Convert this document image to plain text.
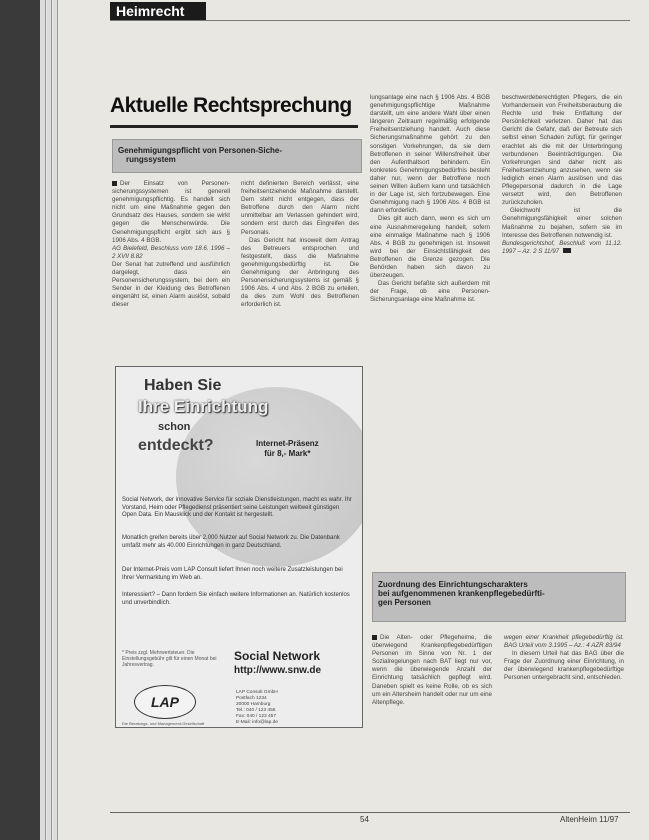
Heimrecht
Aktuelle Rechtsprechung
Genehmigungspflicht von Personen-Siche-
rungssystem

Der Einsatz von Personen-sicherungssystemen ist generell genehmigungspflichtig. Es handelt sich nicht um eine Maßnahme gegen den Grundsatz des Hauses, sondern sie wirkt gegen die Menschenwürde. Die Genehmigungspflicht ergibt sich aus § 1906 Abs. 4 BGB.

AG Bielefeld, Beschluss vom 18.6. 1996 – 2 XVII 8.82

Der Senat hat zutreffend und ausführlich dargelegt, dass ein Personensicherungssystem, bei dem ein Sender in der Kleidung des Betroffenen eingenäht ist, einen Alarm auslöst, sobald dieser

nicht definierten Bereich verlässt, eine freiheitsentziehende Maßnahme darstellt. Dem steht nicht entgegen, dass der Betroffene durch den Alarm nicht unmittelbar am Verlassen gehindert wird, sondern erst durch das Eingreifen des Personals.

Das Gericht hat insoweit dem Antrag des Betreuers entsprochen und festgestellt, dass die Maßnahme genehmigungsbedürftig ist. Die Genehmigung der Anbringung des Personensicherungssystems ist gemäß § 1906 Abs. 4 und Abs. 2 BGB zu erteilen, da dies zum Wohl des Betroffenen erforderlich ist.

lungsanlage eine nach § 1906 Abs. 4 BGB genehmigungspflichtige Maßnahme darstellt, um eine andere Wahl über einen längeren Zeitraum regelmäßig erfolgende Freiheitsentziehung handelt. Auch diese Sicherungsmaßnahme gehört zu den sonstigen Vorkehrungen, da sie dem Betroffenen in seiner Willensfreiheit über den Aufenthaltsort behindern. Ein konkretes Genehmigungsbedürfnis besteht daher nur, wenn der Betroffene noch seinen Willen äußern kann und tatsächlich in der Lage ist, sich fortzubewegen. Eine Genehmigung nach § 1906 Abs. 4 BGB ist dann erforderlich.

Dies gilt auch dann, wenn es sich um eine Ausnahmeregelung handelt, sofern eine einmalige Maßnahme nach § 1906 Abs. 4 BGB zu genehmigen ist. Insoweit wird bei der Einsichtsfähigkeit des Betroffenen die Grenze gezogen. Die Behörden haben sich davon zu überzeugen.

Das Gericht befaßte sich außerdem mit der Frage, ob eine Personen-Sicherungsanlage eine Maßnahme ist.

beschwerdeberechtigten Pflegers, die ein Vorhandensein von Freiheitsberaubung die Rechte und freie Entfaltung der Persönlichkeit verletzen. Daher hat das Gericht die Gefahr, daß der Betreute sich selbst einen Schaden zufügt, für geringer erachtet als die mit der Unterbringung verbundenen Beeinträchtigungen. Die Vorkehrungen sind daher nicht als Freiheitsentziehung anzusehen, wenn sie lediglich einen Alarm auslösen und das Pflegepersonal dadurch in die Lage versetzt wird, den Betroffenen zurückzuholen.

Gleichwohl ist die Genehmigungsfähigkeit einer solchen Maßnahme zu bejahen, sofern sie im Interesse des Betroffenen notwendig ist.

Bundesgerichtshof, Beschluß vom 11.12. 1997 – Az. 2 S 11/97

Haben Sie
Ihre Einrichtung
schon
entdeckt?	Internet-Präsenz
für 8,- Mark*
Social Network, der innovative Service für soziale Dienstleistungen, macht es wahr. Ihr Vorstand, Heim oder Pflegedienst präsentiert seine Leistungen weltweit günstigen Open Data. Ein Mausklick und der Kontakt ist hergestellt.
Monatlich greifen bereits über 2.000 Nutzer auf Social Network zu. Die Datenbank umfaßt mehr als 40.000 Einrichtungen in ganz Deutschland.
Der Internet-Preis vom LAP Consult liefert Ihnen noch weitere Zusatzleistungen bei Ihrer Vermarktung im Web an.
Interessiert? – Dann fordern Sie einfach weitere Informationen an. Natürlich kostenlos und unverbindlich.
* Preis zzgl. Mehrwertsteuer. Die Einstellungsgebühr gilt für einen Monat bei Jahresvertrag.
Social Network
http://www.snw.de
LAP
Die Beratungs- und Management-Gesellschaft
LAP Consult GmbH
Postfach 1234
20000 Hamburg
Tel.: 040 / 123 456
Fax: 040 / 123 457
E-Mail: info@lap.de
Zuordnung des Einrichtungscharakters
bei aufgenommenen krankenpflegebedürfti-
gen Personen

Die Alten- oder Pflegeheime, die überwiegend Krankenpflegebedürftigen Personen im Sinne von Nr. 1 der Sozialregelungen nach BAT liegt nur vor, wenn die überwiegende Anzahl der Einrichtung tatsächlich gepflegt wird. Daneben spielt es keine Rolle, ob es sich um ein Altersheim handelt oder nur um eine Altenpflege.

wegen einer Krankheit pflegebedürftig ist. BAG Urteil vom 3.1995 – Az.: 4 AZR 83/94

In diesem Urteil hat das BAG über die Frage der Zuordnung einer Einrichtung, in der überwiegend krankenpflegebedürftige Personen untergebracht sind, entschieden.

54	AltenHeim 11/97
